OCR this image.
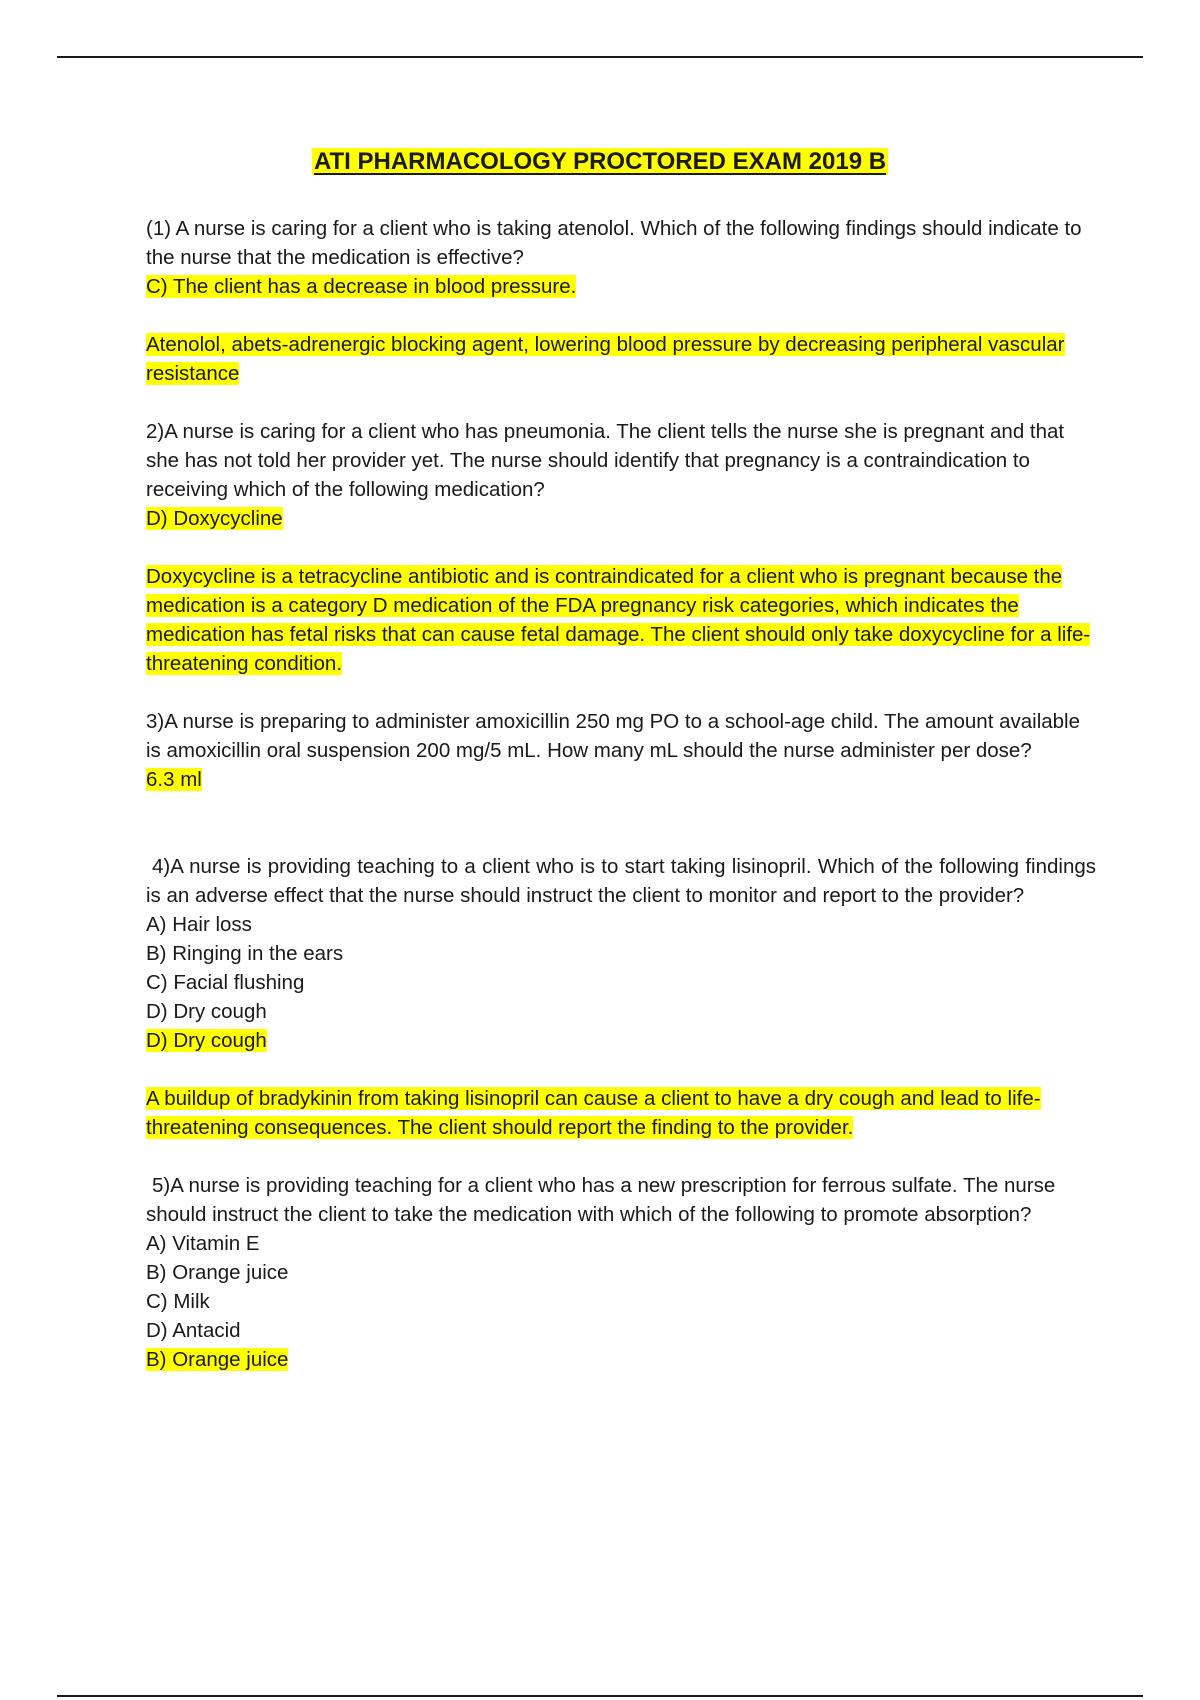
ATI PHARMACOLOGY PROCTORED EXAM 2019 B

(1) A nurse is caring for a client who is taking atenolol. Which of the following findings should indicate to the nurse that the medication is effective?

C) The client has a decrease in blood pressure.

Atenolol, abets-adrenergic blocking agent, lowering blood pressure by decreasing peripheral vascular resistance

2)A nurse is caring for a client who has pneumonia. The client tells the nurse she is pregnant and that she has not told her provider yet. The nurse should identify that pregnancy is a contraindication to receiving which of the following medication?

D) Doxycycline

Doxycycline is a tetracycline antibiotic and is contraindicated for a client who is pregnant because the medication is a category D medication of the FDA pregnancy risk categories, which indicates the medication has fetal risks that can cause fetal damage. The client should only take doxycycline for a life-threatening condition.

3)A nurse is preparing to administer amoxicillin 250 mg PO to a school-age child. The amount available is amoxicillin oral suspension 200 mg/5 mL. How many mL should the nurse administer per dose?

6.3 ml

4)A nurse is providing teaching to a client who is to start taking lisinopril. Which of the following findings is an adverse effect that the nurse should instruct the client to monitor and report to the provider?

A) Hair loss

B) Ringing in the ears

C) Facial flushing

D) Dry cough

D) Dry cough

A buildup of bradykinin from taking lisinopril can cause a client to have a dry cough and lead to life-threatening consequences. The client should report the finding to the provider.

5)A nurse is providing teaching for a client who has a new prescription for ferrous sulfate. The nurse should instruct the client to take the medication with which of the following to promote absorption?

A) Vitamin E

B) Orange juice

C) Milk

D) Antacid

B) Orange juice
